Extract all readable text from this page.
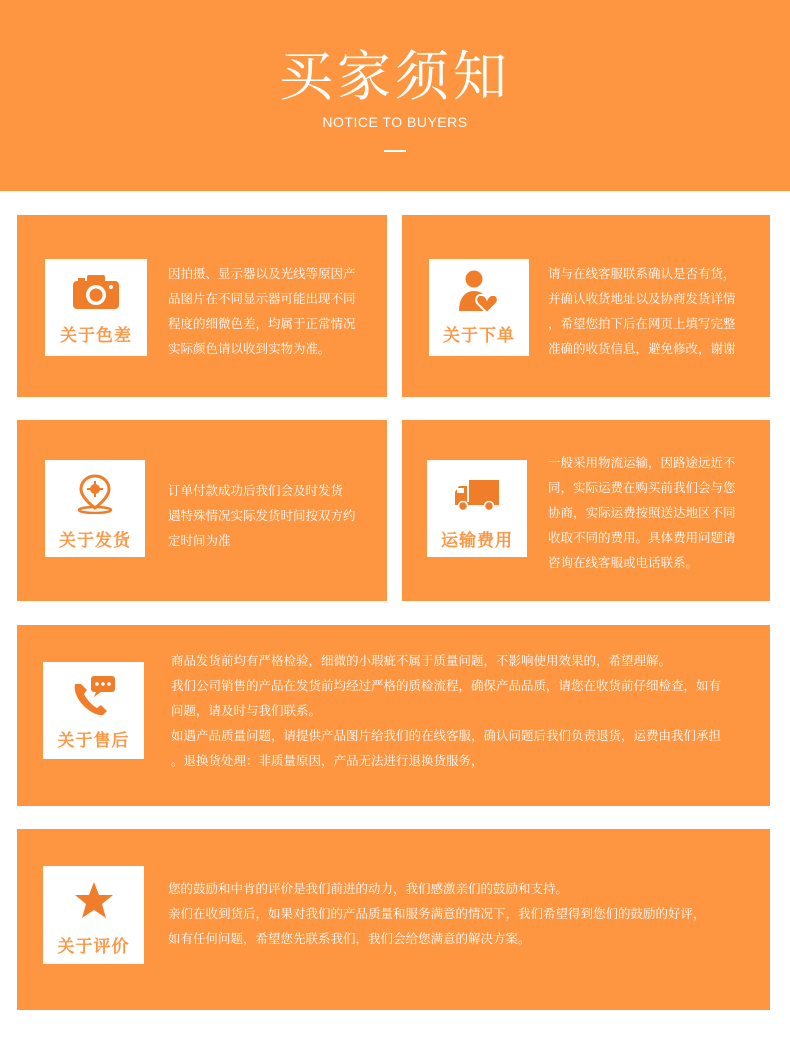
买家须知
NOTICE TO BUYERS
关于色差
因拍摄、显示器以及光线等原因产
品图片在不同显示器可能出现不同
程度的细微色差，均属于正常情况
实际颜色请以收到实物为准。
关于下单
请与在线客服联系确认是否有货，
并确认收货地址以及协商发货详情
，希望您拍下后在网页上填写完整
准确的收货信息，避免修改，谢谢
关于发货
订单付款成功后我们会及时发货
遇特殊情况实际发货时间按双方约
定时间为准	运输费用
一般采用物流运输，因路途远近不
同，实际运费在购买前我们会与您
协商，实际运费按照送达地区不同
收取不同的费用。具体费用问题请
咨询在线客服或电话联系。
关于售后
商品发货前均有严格检验，细微的小瑕疵不属于质量问题，不影响使用效果的，希望理解。
我们公司销售的产品在发货前均经过严格的质检流程，确保产品品质，请您在收货前仔细检查，如有
问题，请及时与我们联系。
如遇产品质量问题，请提供产品图片给我们的在线客服，确认问题后我们负责退货，运费由我们承担
。退换货处理：非质量原因，产品无法进行退换货服务，
关于评价
您的鼓励和中肯的评价是我们前进的动力，我们感激亲们的鼓励和支持。
亲们在收到货后，如果对我们的产品质量和服务满意的情况下，我们希望得到您们的鼓励的好评，
如有任何问题，希望您先联系我们，我们会给您满意的解决方案。
